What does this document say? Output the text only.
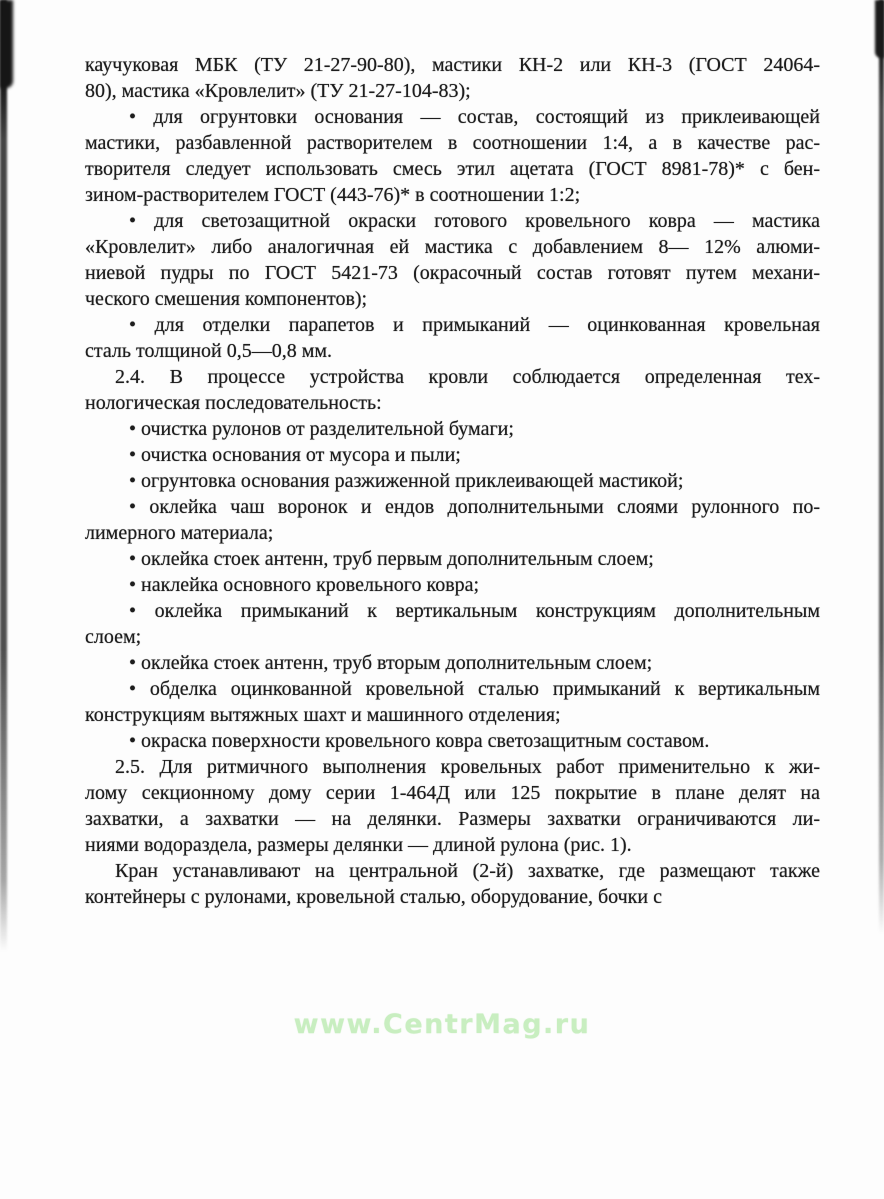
каучуковая МБК (ТУ 21-27-90-80), мастики КН-2 или КН-3 (ГОСТ 24064-
80), мастика «Кровлелит» (ТУ 21-27-104-83);
• для огрунтовки основания — состав, состоящий из приклеивающей
мастики, разбавленной растворителем в соотношении 1:4, а в качестве рас-
творителя следует использовать смесь этил ацетата (ГОСТ 8981-78)* с бен-
зином-растворителем ГОСТ (443-76)* в соотношении 1:2;
• для светозащитной окраски готового кровельного ковра — мастика
«Кровлелит» либо аналогичная ей мастика с добавлением 8— 12% алюми-
ниевой пудры по ГОСТ 5421-73 (окрасочный состав готовят путем механи-
ческого смешения компонентов);
• для отделки парапетов и примыканий — оцинкованная кровельная
сталь толщиной 0,5—0,8 мм.
2.4. В процессе устройства кровли соблюдается определенная тех-
нологическая последовательность:
• очистка рулонов от разделительной бумаги;
• очистка основания от мусора и пыли;
• огрунтовка основания разжиженной приклеивающей мастикой;
• оклейка чаш воронок и ендов дополнительными слоями рулонного по-
лимерного материала;
• оклейка стоек антенн, труб первым дополнительным слоем;
• наклейка основного кровельного ковра;
• оклейка примыканий к вертикальным конструкциям дополнительным
слоем;
• оклейка стоек антенн, труб вторым дополнительным слоем;
• обделка оцинкованной кровельной сталью примыканий к вертикальным
конструкциям вытяжных шахт и машинного отделения;
• окраска поверхности кровельного ковра светозащитным составом.
2.5. Для ритмичного выполнения кровельных работ применительно к жи-
лому секционному дому серии 1-464Д или 125 покрытие в плане делят на
захватки, а захватки — на делянки. Размеры захватки ограничиваются ли-
ниями водораздела, размеры делянки — длиной рулона (рис. 1).
Кран устанавливают на центральной (2-й) захватке, где размещают также
контейнеры с рулонами, кровельной сталью, оборудование, бочки с
www.CentrMag.ru
